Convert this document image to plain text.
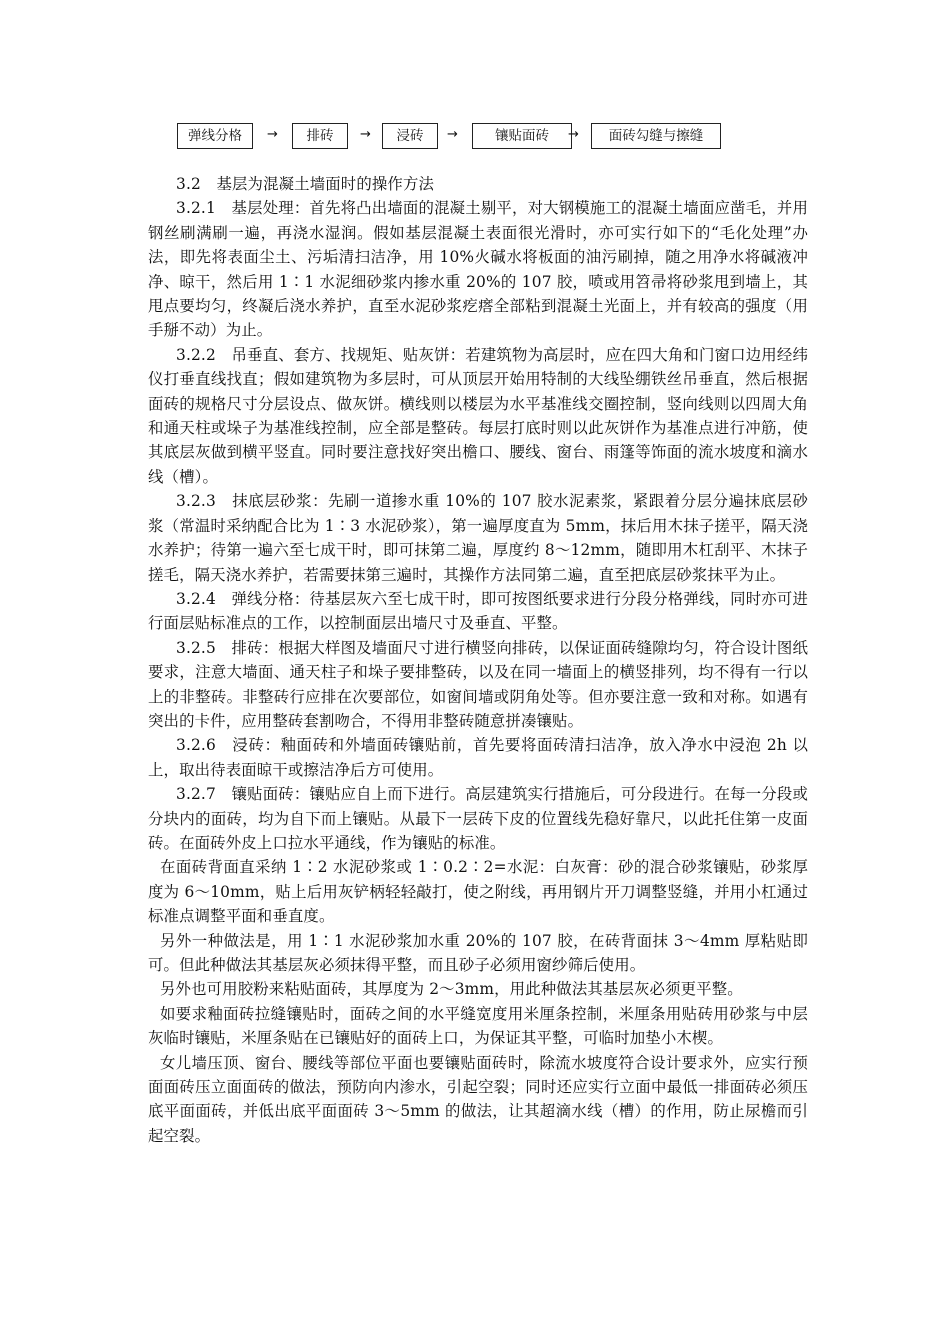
弹线分格	→	排砖	→	浸砖	→	镶贴面砖	→	面砖勾缝与擦缝

3.2　基层为混凝土墙面时的操作方法

3.2.1　基层处理：首先将凸出墙面的混凝土剔平，对大钢模施工的混凝土墙面应凿毛，并用钢丝刷满刷一遍，再浇水湿润。假如基层混凝土表面很光滑时，亦可实行如下的“毛化处理”办法，即先将表面尘土、污垢清扫洁净，用 10%火碱水将板面的油污刷掉，随之用净水将碱液冲净、晾干，然后用 1∶1 水泥细砂浆内掺水重 20%的 107 胶，喷或用笤帚将砂浆甩到墙上，其甩点要均匀，终凝后浇水养护，直至水泥砂浆疙瘩全部粘到混凝土光面上，并有较高的强度（用手掰不动）为止。

3.2.2　吊垂直、套方、找规矩、贴灰饼：若建筑物为高层时，应在四大角和门窗口边用经纬仪打垂直线找直；假如建筑物为多层时，可从顶层开始用特制的大线坠绷铁丝吊垂直，然后根据面砖的规格尺寸分层设点、做灰饼。横线则以楼层为水平基准线交圈控制，竖向线则以四周大角和通天柱或垛子为基准线控制，应全部是整砖。每层打底时则以此灰饼作为基准点进行冲筋，使其底层灰做到横平竖直。同时要注意找好突出檐口、腰线、窗台、雨篷等饰面的流水坡度和滴水线（槽）。

3.2.3　抹底层砂浆：先刷一道掺水重 10%的 107 胶水泥素浆，紧跟着分层分遍抹底层砂浆（常温时采纳配合比为 1∶3 水泥砂浆），第一遍厚度直为 5mm，抹后用木抹子搓平，隔天浇水养护；待第一遍六至七成干时，即可抹第二遍，厚度约 8～12mm，随即用木杠刮平、木抹子搓毛，隔天浇水养护，若需要抹第三遍时，其操作方法同第二遍，直至把底层砂浆抹平为止。

3.2.4　弹线分格：待基层灰六至七成干时，即可按图纸要求进行分段分格弹线，同时亦可进行面层贴标准点的工作，以控制面层出墙尺寸及垂直、平整。

3.2.5　排砖：根据大样图及墙面尺寸进行横竖向排砖，以保证面砖缝隙均匀，符合设计图纸要求，注意大墙面、通天柱子和垛子要排整砖，以及在同一墙面上的横竖排列，均不得有一行以上的非整砖。非整砖行应排在次要部位，如窗间墙或阴角处等。但亦要注意一致和对称。如遇有突出的卡件，应用整砖套割吻合，不得用非整砖随意拼凑镶贴。

3.2.6　浸砖：釉面砖和外墙面砖镶贴前，首先要将面砖清扫洁净，放入净水中浸泡 2h 以上，取出待表面晾干或擦洁净后方可使用。

3.2.7　镶贴面砖：镶贴应自上而下进行。高层建筑实行措施后，可分段进行。在每一分段或分块内的面砖，均为自下而上镶贴。从最下一层砖下皮的位置线先稳好靠尺，以此托住第一皮面砖。在面砖外皮上口拉水平通线，作为镶贴的标准。

在面砖背面直采纳 1∶2 水泥砂浆或 1∶0.2∶2=水泥：白灰膏：砂的混合砂浆镶贴，砂浆厚度为 6～10mm，贴上后用灰铲柄轻轻敲打，使之附线，再用钢片开刀调整竖缝，并用小杠通过标准点调整平面和垂直度。

另外一种做法是，用 1∶1 水泥砂浆加水重 20%的 107 胶，在砖背面抹 3～4mm 厚粘贴即可。但此种做法其基层灰必须抹得平整，而且砂子必须用窗纱筛后使用。

另外也可用胶粉来粘贴面砖，其厚度为 2～3mm，用此种做法其基层灰必须更平整。

如要求釉面砖拉缝镶贴时，面砖之间的水平缝宽度用米厘条控制，米厘条用贴砖用砂浆与中层灰临时镶贴，米厘条贴在已镶贴好的面砖上口，为保证其平整，可临时加垫小木楔。

女儿墙压顶、窗台、腰线等部位平面也要镶贴面砖时，除流水坡度符合设计要求外，应实行预面面砖压立面面砖的做法，预防向内渗水，引起空裂；同时还应实行立面中最低一排面砖必须压底平面面砖，并低出底平面面砖 3～5mm 的做法，让其超滴水线（槽）的作用，防止尿檐而引起空裂。
